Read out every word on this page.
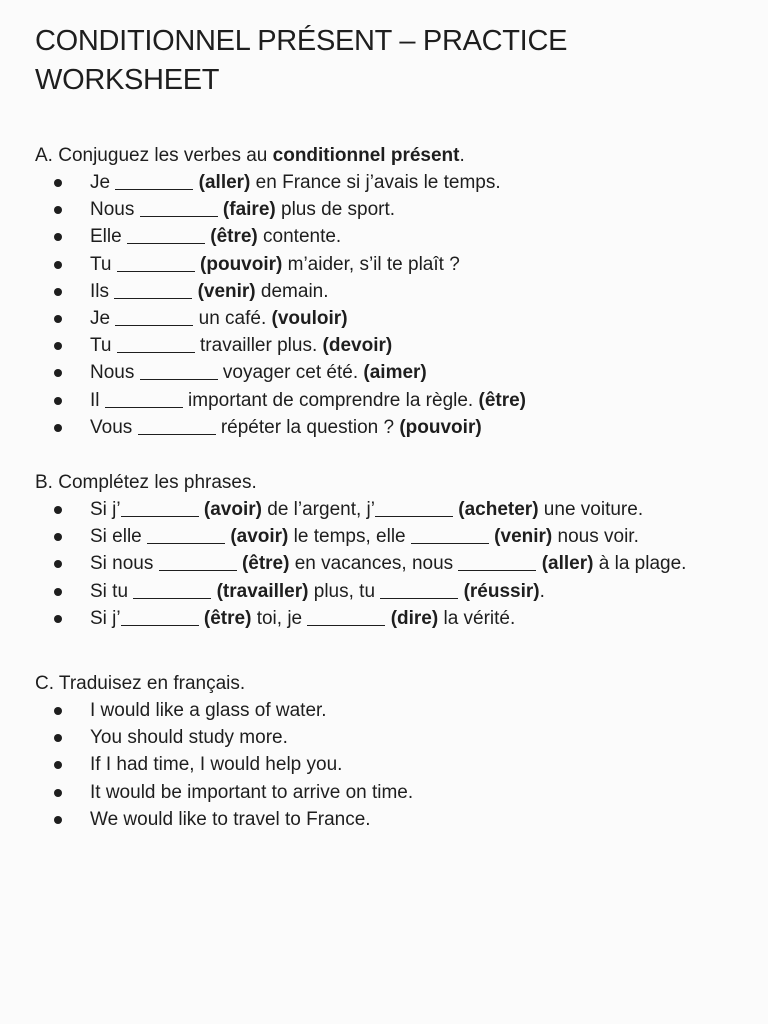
CONDITIONNEL PRÉSENT – PRACTICE WORKSHEET

A. Conjuguez les verbes au conditionnel présent.

Je	(aller) en France si j’avais le temps.
Nous	(faire) plus de sport.
Elle	(être) contente.
Tu	(pouvoir) m’aider, s’il te plaît ?
Ils	(venir) demain.
Je	un café. (vouloir)
Tu	travailler plus. (devoir)
Nous	voyager cet été. (aimer)
Il	important de comprendre la règle. (être)
Vous	répéter la question ? (pouvoir)

B. Complétez les phrases.

Si j’	(avoir) de l’argent, j’	(acheter) une voiture.
Si elle	(avoir) le temps, elle	(venir) nous voir.
Si nous	(être) en vacances, nous	(aller) à la plage.
Si tu	(travailler) plus, tu	(réussir).
Si j’	(être) toi, je	(dire) la vérité.

C. Traduisez en français.

I would like a glass of water.
You should study more.
If I had time, I would help you.
It would be important to arrive on time.
We would like to travel to France.
